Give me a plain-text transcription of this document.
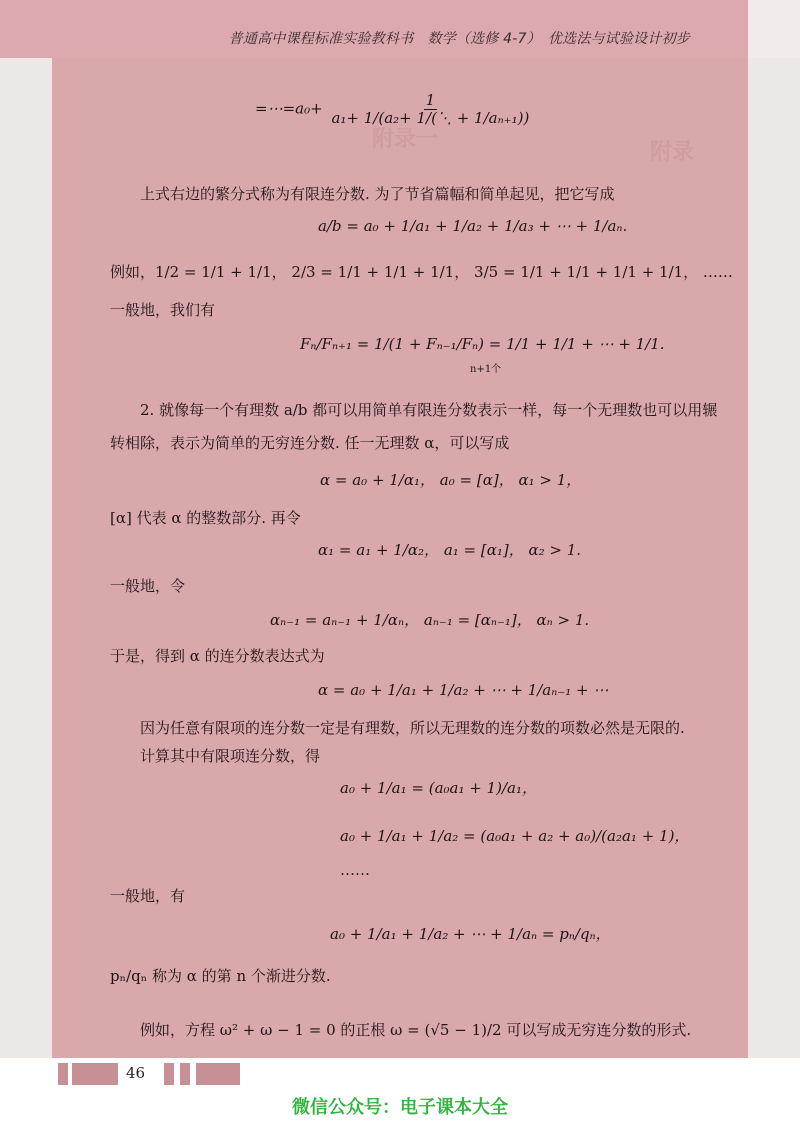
普通高中课程标准实验教科书　数学（选修 4-7）　优选法与试验设计初步
附录一	附录
=⋯=a₀+ $\frac{1}{\text{a₁+ 1/(a₂+ 1/(⋱ + 1/aₙ₊₁))}}$
上式右边的繁分式称为有限连分数. 为了节省篇幅和简单起见，把它写成
a/b = a₀ + 1/a₁ + 1/a₂ + 1/a₃ + ⋯ + 1/aₙ.
例如，1/2 = 1/1 + 1/1， 2/3 = 1/1 + 1/1 + 1/1， 3/5 = 1/1 + 1/1 + 1/1 + 1/1， ……
一般地，我们有
Fₙ/Fₙ₊₁ = 1/(1 + Fₙ₋₁/Fₙ) = 1/1 + 1/1 + ⋯ + 1/1.
n+1个
2. 就像每一个有理数 a/b 都可以用简单有限连分数表示一样，每一个无理数也可以用辗
转相除，表示为简单的无穷连分数. 任一无理数 α，可以写成
α = a₀ + 1/α₁， a₀ = [α]， α₁ > 1，
[α] 代表 α 的整数部分. 再令
α₁ = a₁ + 1/α₂， a₁ = [α₁]， α₂ > 1.
一般地，令
αₙ₋₁ = aₙ₋₁ + 1/αₙ， aₙ₋₁ = [αₙ₋₁]， αₙ > 1.
于是，得到 α 的连分数表达式为
α = a₀ + 1/a₁ + 1/a₂ + ⋯ + 1/aₙ₋₁ + ⋯
因为任意有限项的连分数一定是有理数，所以无理数的连分数的项数必然是无限的.
计算其中有限项连分数，得
a₀ + 1/a₁ = (a₀a₁ + 1)/a₁，
a₀ + 1/a₁ + 1/a₂ = (a₀a₁ + a₂ + a₀)/(a₂a₁ + 1)，
……
一般地，有
a₀ + 1/a₁ + 1/a₂ + ⋯ + 1/aₙ = pₙ/qₙ，
pₙ/qₙ 称为 α 的第 n 个渐进分数.
例如，方程 ω² + ω − 1 = 0 的正根 ω = (√5 − 1)/2 可以写成无穷连分数的形式.
46
微信公众号：电子课本大全
